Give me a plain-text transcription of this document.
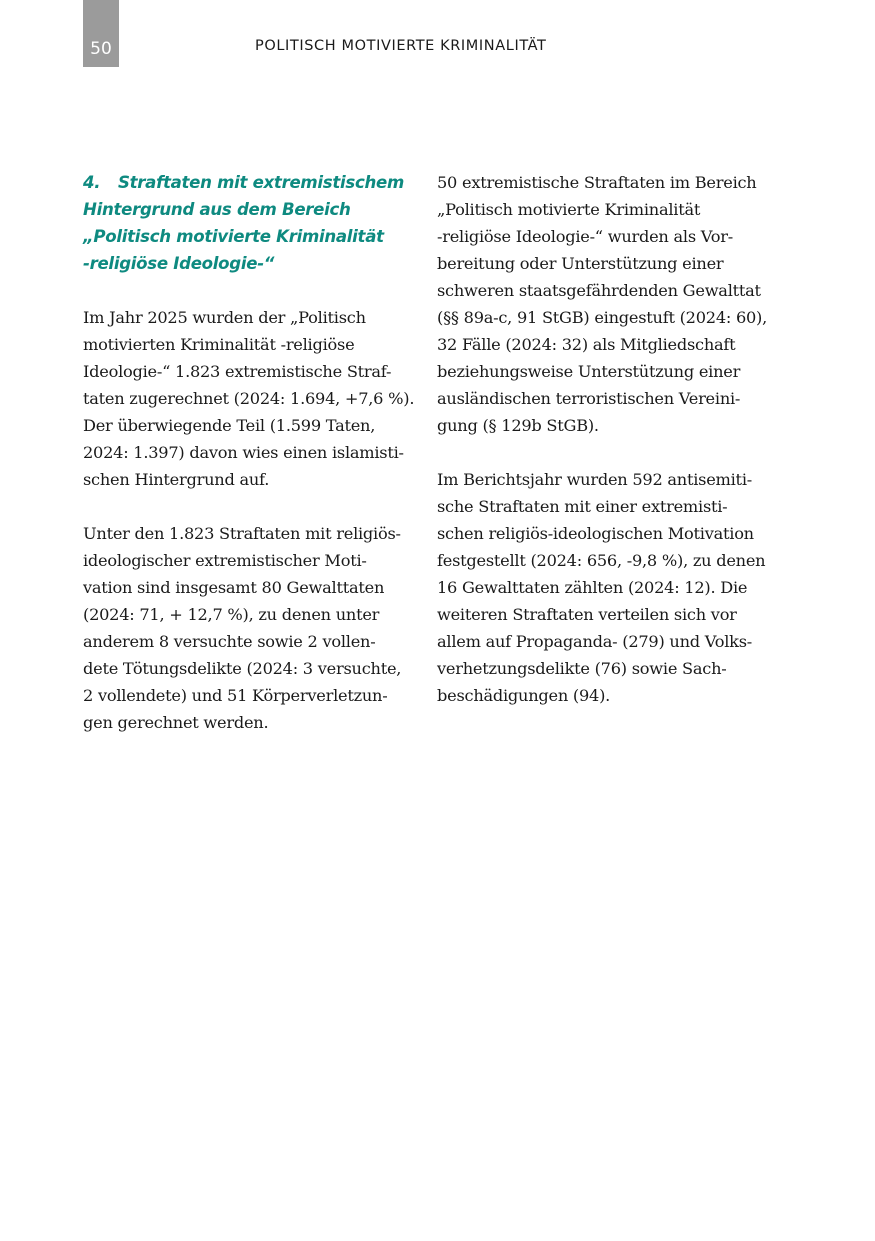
50	POLITISCH MOTIVIERTE KRIMINALITÄT
4. Straftaten mit extremistischem
Hintergrund aus dem Bereich
„Politisch motivierte Kriminalität
-religiöse Ideologie-“
Im Jahr 2025 wurden der „Politisch
motivierten Kriminalität -religiöse
Ideologie-“ 1.823 extremistische Straf-
taten zugerechnet (2024: 1.694, +7,6 %).
Der überwiegende Teil (1.599 Taten,
2024: 1.397) davon wies einen islamisti-
schen Hintergrund auf.
Unter den 1.823 Straftaten mit religiös-
ideologischer extremistischer Moti-
vation sind insgesamt 80 Gewalttaten
(2024: 71, + 12,7 %), zu denen unter
anderem 8 versuchte sowie 2 vollen-
dete Tötungsdelikte (2024: 3 versuchte,
2 vollendete) und 51 Körperverletzun-
gen gerechnet werden.
50 extremistische Straftaten im Bereich
„Politisch motivierte Kriminalität
-religiöse Ideologie-“ wurden als Vor-
bereitung oder Unterstützung einer
schweren staatsgefährdenden Gewalttat
(§§ 89a-c, 91 StGB) eingestuft (2024: 60),
32 Fälle (2024: 32) als Mitgliedschaft
beziehungsweise Unterstützung einer
ausländischen terroristischen Vereini-
gung (§ 129b StGB).
Im Berichtsjahr wurden 592 antisemiti-
sche Straftaten mit einer extremisti-
schen religiös-ideologischen Motivation
festgestellt (2024: 656, -9,8 %), zu denen
16 Gewalttaten zählten (2024: 12). Die
weiteren Straftaten verteilen sich vor
allem auf Propaganda- (279) und Volks-
verhetzungsdelikte (76) sowie Sach-
beschädigungen (94).
